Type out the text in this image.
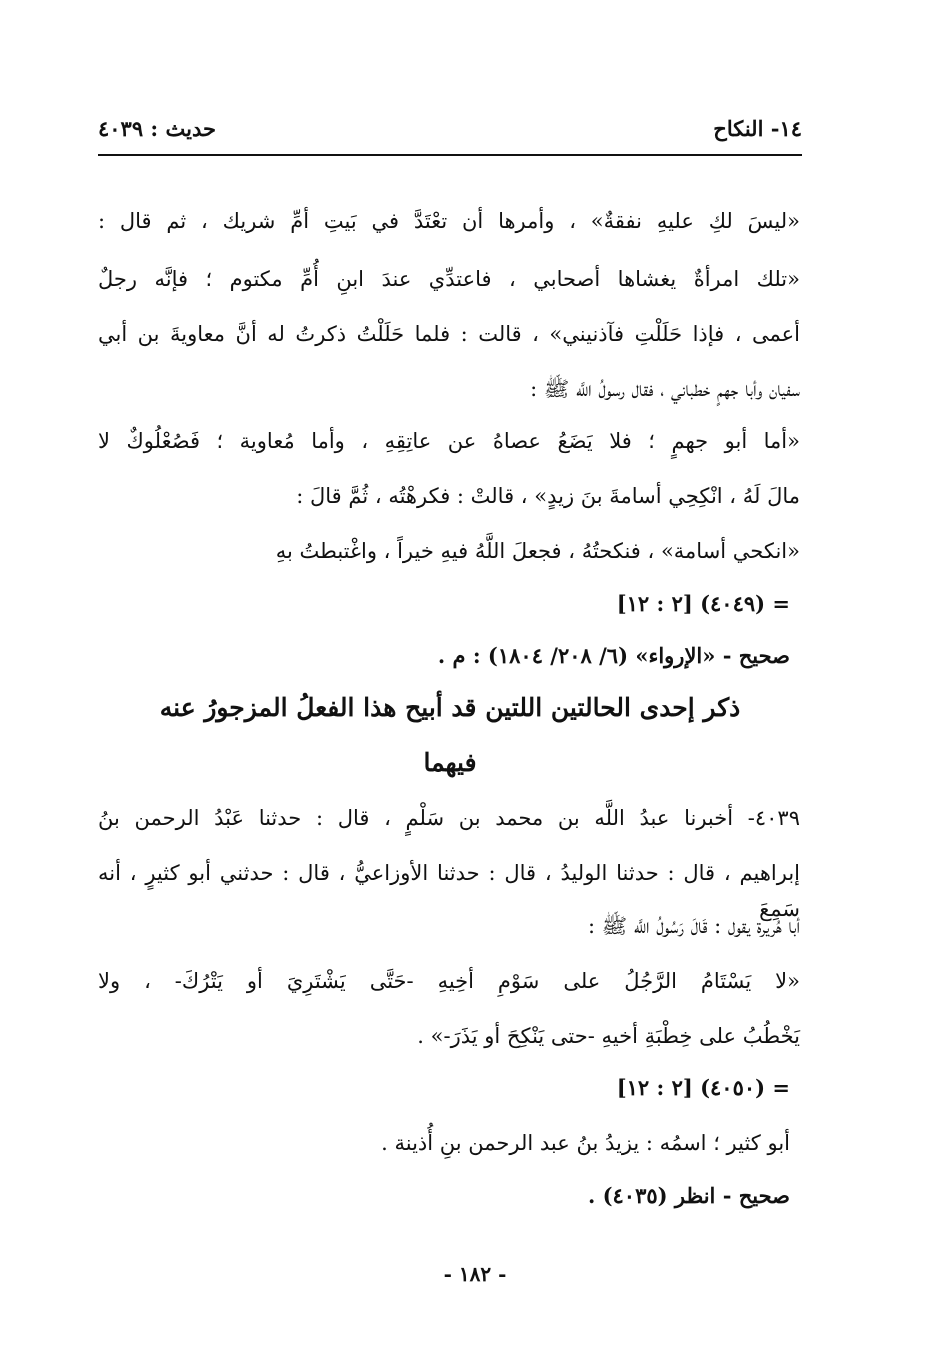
١٤- النكاح
حديث : ٤٠٣٩
«ليسَ لكِ عليهِ نفقةٌ» ، وأمرها أن تعْتَدَّ في بَيتِ أمِّ شريك ، ثم قال :
«تلك امرأةٌ يغشاها أصحابي ، فاعتدِّي عندَ ابنِ أُمِّ مكتوم ؛ فإنَّه رجلٌ
أعمى ، فإذا حَلَلْتِ فآذنيني» ، قالت : فلما حَلَلْتُ ذكرتُ له أنَّ معاويةَ بن أبي
سفيان وأبا جهمٍ خطباني ، فقال رسولُ اللَّه ﷺ :
«أما أبو جهمٍ ؛ فلا يَضَعُ عصاهُ عن عاتِقِهِ ، وأما مُعاوية ؛ فَصُعْلُوكٌ لا
مالَ لَهُ ، انْكِحِي أسامةَ بنَ زيدٍ» ، قالتْ : فكرهْتُه ، ثُمَّ قالَ :
«انكحي أسامة» ، فنكحتُهُ ، فجعلَ اللَّهُ فيهِ خيراً ، واغْتبطتُ بهِ
= (٤٠٤٩) [٢ : ١٢]
صحيح - «الإرواء» (٦/ ٢٠٨/ ١٨٠٤) : م .
ذكر إحدى الحالتين اللتين قد أبيح هذا الفعلُ المزجورُ عنه
فيهما
٤٠٣٩- أخبرنا عبدُ اللَّه بن محمد بن سَلْمٍ ، قال : حدثنا عَبْدُ الرحمن بنُ
إبراهيم ، قال : حدثنا الوليدُ ، قال : حدثنا الأوزاعيُّ ، قال : حدثني أبو كثيرٍ ، أنه سَمِعَ
أبا هُريرة يقول : قَالَ رَسُولُ اللَّه ﷺ :
«لا يَسْتَامُ الرَّجُلُ على سَوْمِ أخِيهِ -حَتَّى يَشْتَرِيَ أو يَتْرُكَ- ، ولا
يَخْطُبُ على خِطْبَةِ أخيهِ -حتى يَنْكِحَ أو يَذَرَ-» .
= (٤٠٥٠) [٢ : ١٢]
أبو كثير ؛ اسمُه : يزيدُ بنُ عبد الرحمن بنِ أُذينة .
صحيح - انظر (٤٠٣٥) .
- ١٨٢ -
